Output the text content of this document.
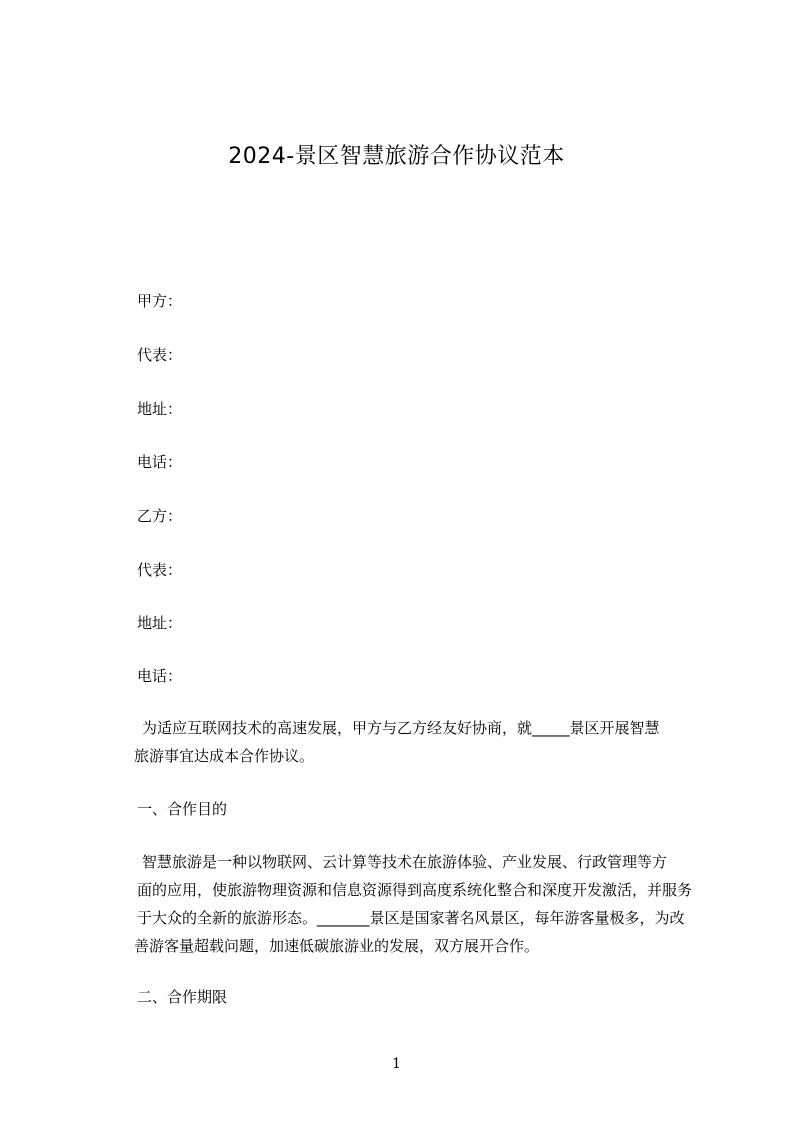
2024-景区智慧旅游合作协议范本

甲方：

代表：

地址：

电话：

乙方：

代表：

地址：

电话：

为适应互联网技术的高速发展，甲方与乙方经友好协商，就_____景区开展智慧
旅游事宜达成本合作协议。
一、合作目的
智慧旅游是一种以物联网、云计算等技术在旅游体验、产业发展、行政管理等方
面的应用，使旅游物理资源和信息资源得到高度系统化整合和深度开发激活，并服务
于大众的全新的旅游形态。_______景区是国家著名风景区，每年游客量极多，为改
善游客量超载问题，加速低碳旅游业的发展，双方展开合作。
二、合作期限
1
